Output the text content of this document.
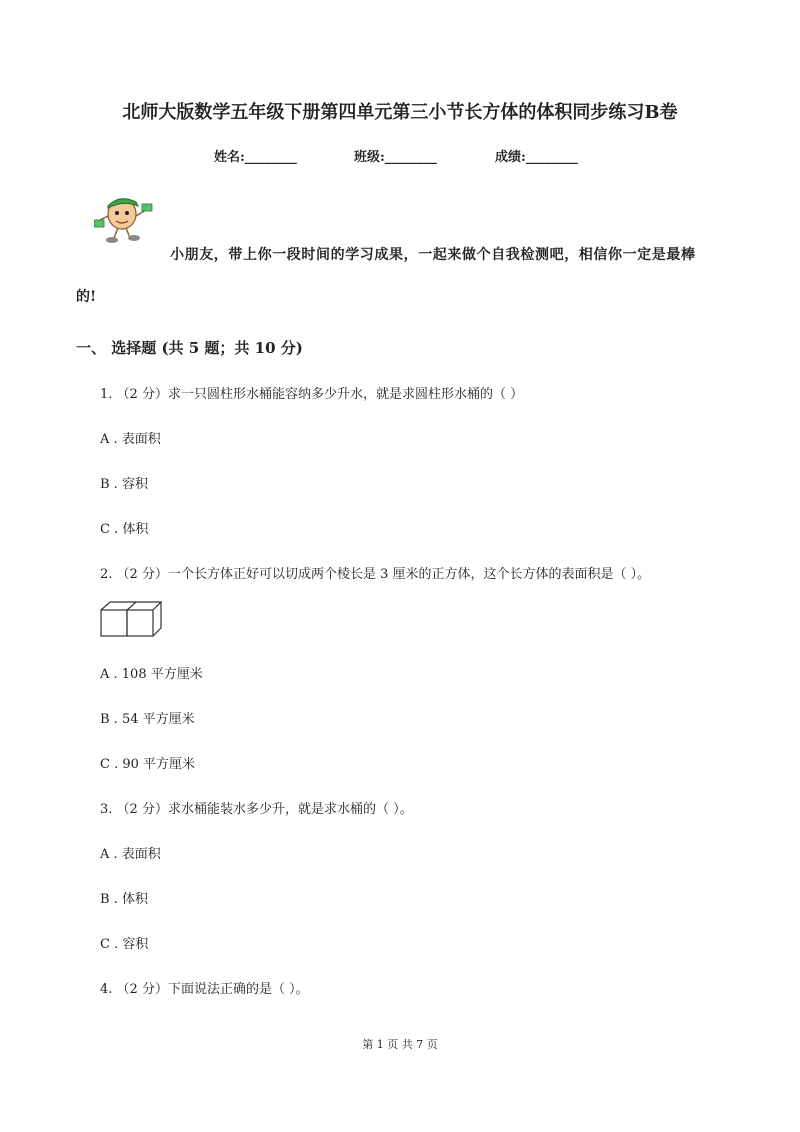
北师大版数学五年级下册第四单元第三小节长方体的体积同步练习B卷
姓名:________	班级:________	成绩:________
小朋友，带上你一段时间的学习成果，一起来做个自我检测吧，相信你一定是最棒
的!
一、 选择题 (共 5 题；共 10 分)
1. （2 分）求一只圆柱形水桶能容纳多少升水，就是求圆柱形水桶的（ ）
A . 表面积
B . 容积
C . 体积
2. （2 分）一个长方体正好可以切成两个棱长是 3 厘米的正方体，这个长方体的表面积是（ ）。
A . 108 平方厘米
B . 54 平方厘米
C . 90 平方厘米
3. （2 分）求水桶能装水多少升，就是求水桶的（ ）。
A . 表面积
B . 体积
C . 容积
4. （2 分）下面说法正确的是（ ）。
第 1 页 共 7 页
